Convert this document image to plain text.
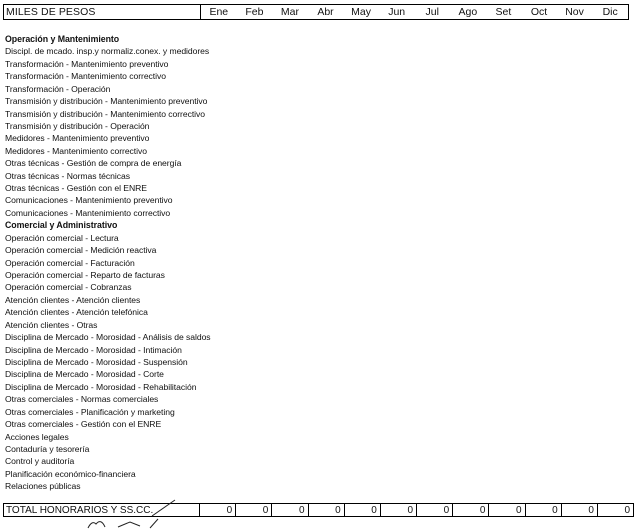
MILES DE PESOS	Ene	Feb	Mar	Abr	May	Jun	Jul	Ago	Set	Oct	Nov	Dic
Operación y Mantenimiento
Discipl. de mcado. insp.y normaliz.conex. y medidores
Transformación - Mantenimiento preventivo
Transformación - Mantenimiento correctivo
Transformación - Operación
Transmisión y distribución - Mantenimiento preventivo
Transmisión y distribución - Mantenimiento correctivo
Transmisión y distribución - Operación
Medidores - Mantenimiento preventivo
Medidores - Mantenimiento correctivo
Otras técnicas - Gestión de compra de energía
Otras técnicas - Normas técnicas
Otras técnicas - Gestión con el ENRE
Comunicaciones - Mantenimiento preventivo
Comunicaciones - Mantenimiento correctivo
Comercial y Administrativo
Operación comercial - Lectura
Operación comercial - Medición reactiva
Operación comercial - Facturación
Operación comercial - Reparto de facturas
Operación comercial - Cobranzas
Atención clientes - Atención clientes
Atención clientes - Atención telefónica
Atención clientes - Otras
Disciplina de Mercado - Morosidad - Análisis de saldos
Disciplina de Mercado - Morosidad - Intimación
Disciplina de Mercado - Morosidad - Suspensión
Disciplina de Mercado - Morosidad - Corte
Disciplina de Mercado - Morosidad - Rehabilitación
Otras comerciales - Normas comerciales
Otras comerciales - Planificación y marketing
Otras comerciales - Gestión con el ENRE
Acciones legales
Contaduría y tesorería
Control y auditoría
Planificación económico-financiera
Relaciones públicas
TOTAL HONORARIOS Y SS.CC.	0	0	0	0	0	0	0	0	0	0	0	0
